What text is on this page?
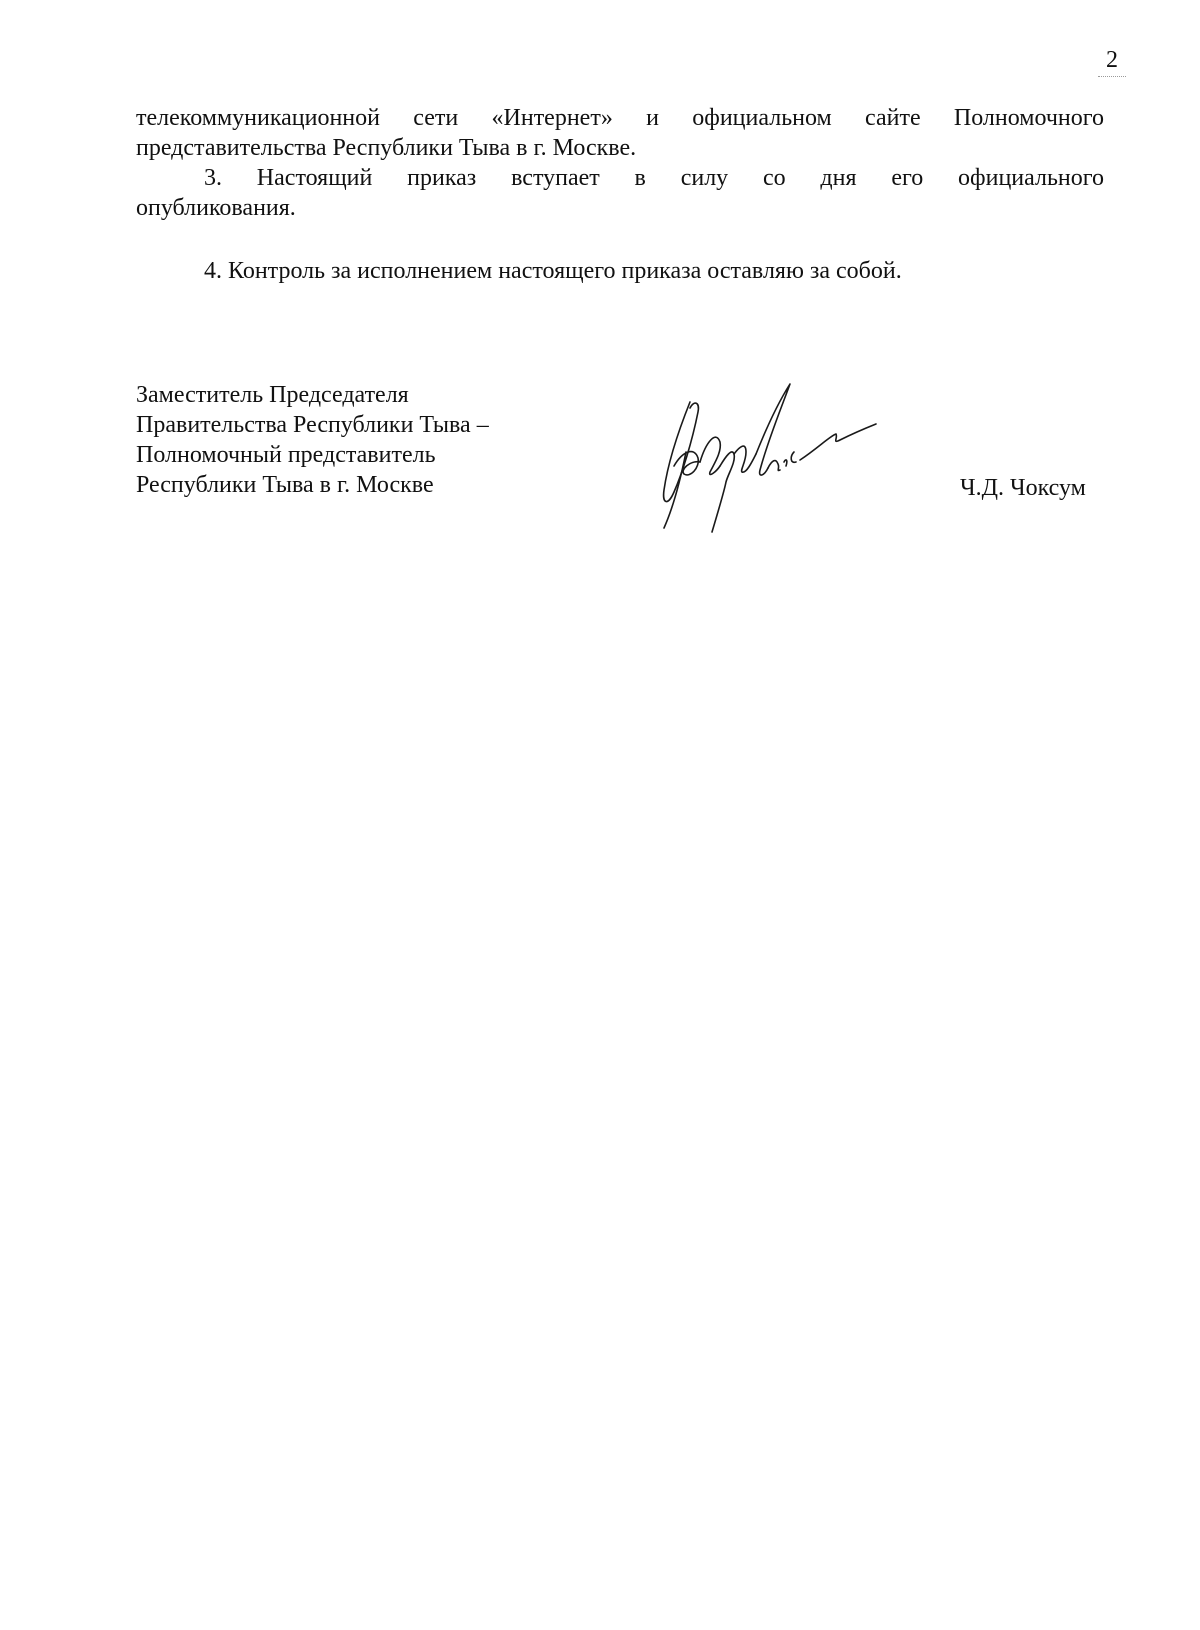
2

телекоммуникационной сети «Интернет» и официальном сайте Полномочного

представительства Республики Тыва в г. Москве.

3. Настоящий приказ вступает в силу со дня его официального

опубликования.

4. Контроль за исполнением настоящего приказа оставляю за собой.

Заместитель Председателя
Правительства Республики Тыва –
Полномочный представитель
Республики Тыва в г. Москве	Ч.Д. Чоксум
